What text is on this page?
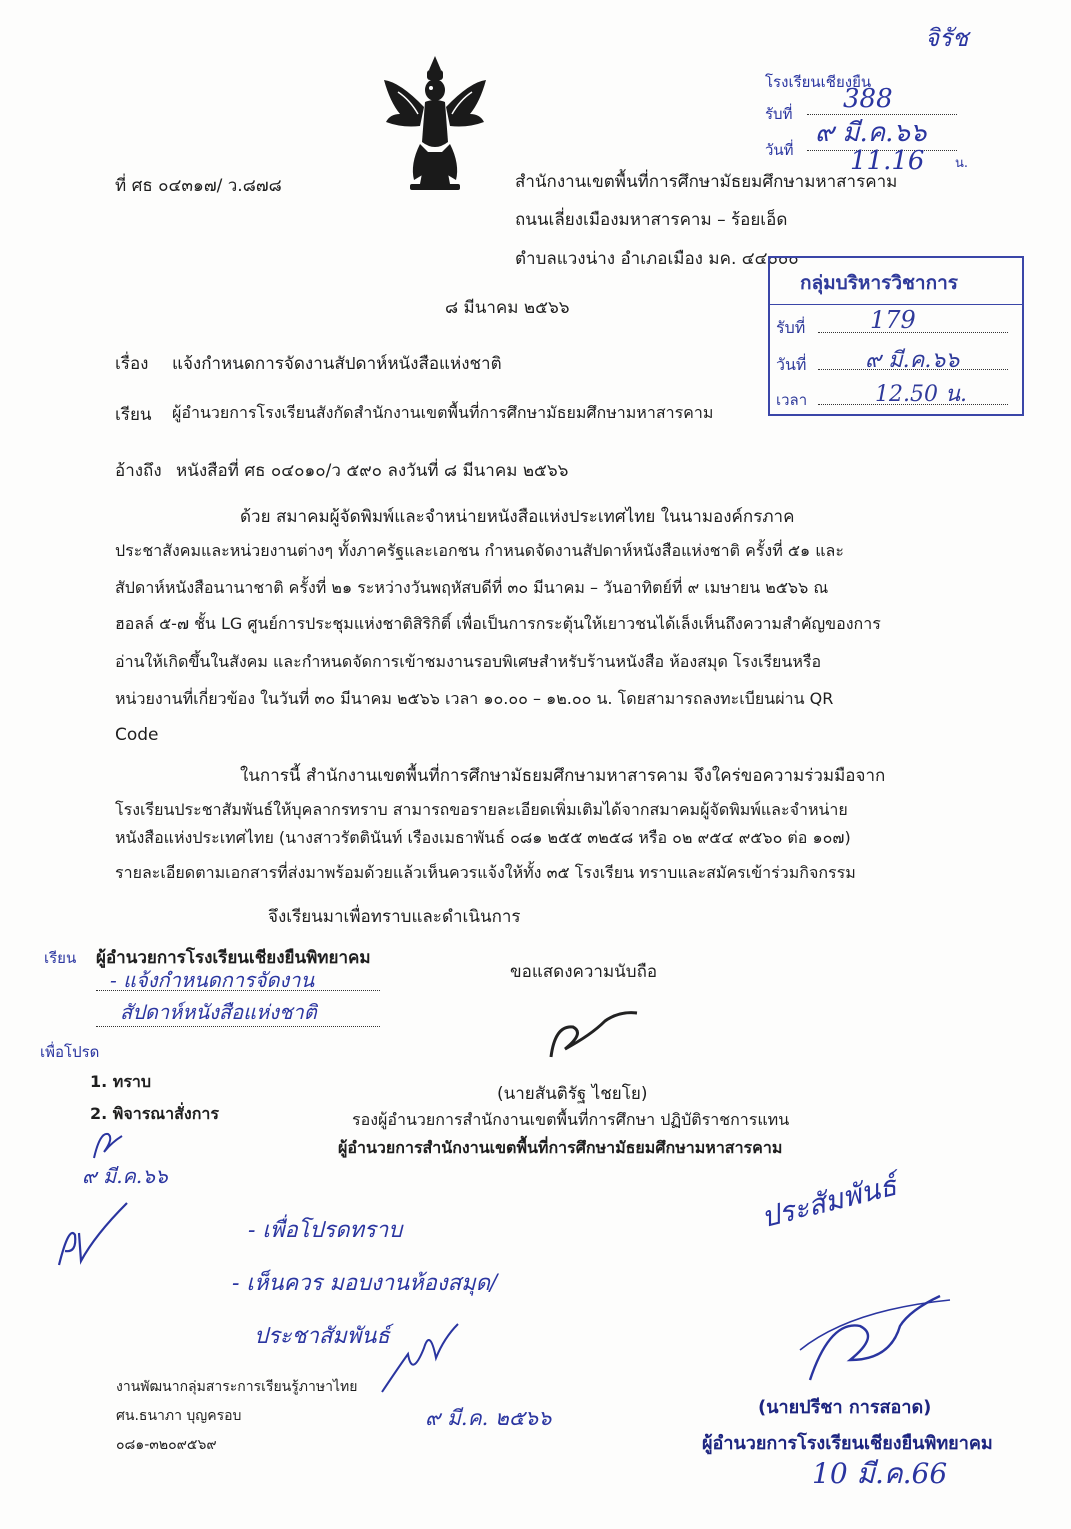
โรงเรียนเชียงยืน
รับที่ 388
วันที่
๙ มี.ค.๖๖
11.16 น.
จิรัช
ที่ ศธ ๐๔๓๑๗/ ว.๘๗๘	สำนักงานเขตพื้นที่การศึกษามัธยมศึกษามหาสารคาม
ถนนเลี่ยงเมืองมหาสารคาม – ร้อยเอ็ด
ตำบลแวงน่าง อำเภอเมือง มค. ๔๔๐๐๐
กลุ่มบริหารวิชาการ
รับที่	179
วันที่	๙ มี.ค.๖๖
เวลา	12.50 น.
๘ มีนาคม ๒๕๖๖
เรื่อง แจ้งกำหนดการจัดงานสัปดาห์หนังสือแห่งชาติ
เรียน ผู้อำนวยการโรงเรียนสังกัดสำนักงานเขตพื้นที่การศึกษามัธยมศึกษามหาสารคาม
อ้างถึง หนังสือที่ ศธ ๐๔๐๑๐/ว ๕๙๐ ลงวันที่ ๘ มีนาคม ๒๕๖๖
ด้วย สมาคมผู้จัดพิมพ์และจำหน่ายหนังสือแห่งประเทศไทย ในนามองค์กรภาค
ประชาสังคมและหน่วยงานต่างๆ ทั้งภาครัฐและเอกชน กำหนดจัดงานสัปดาห์หนังสือแห่งชาติ ครั้งที่ ๕๑ และ
สัปดาห์หนังสือนานาชาติ ครั้งที่ ๒๑ ระหว่างวันพฤหัสบดีที่ ๓๐ มีนาคม – วันอาทิตย์ที่ ๙ เมษายน ๒๕๖๖ ณ
ฮอลล์ ๕-๗ ชั้น LG ศูนย์การประชุมแห่งชาติสิริกิติ์ เพื่อเป็นการกระตุ้นให้เยาวชนได้เล็งเห็นถึงความสำคัญของการ
อ่านให้เกิดขึ้นในสังคม และกำหนดจัดการเข้าชมงานรอบพิเศษสำหรับร้านหนังสือ ห้องสมุด โรงเรียนหรือ
หน่วยงานที่เกี่ยวข้อง ในวันที่ ๓๐ มีนาคม ๒๕๖๖ เวลา ๑๐.๐๐ – ๑๒.๐๐ น. โดยสามารถลงทะเบียนผ่าน QR
Code
ในการนี้ สำนักงานเขตพื้นที่การศึกษามัธยมศึกษามหาสารคาม จึงใคร่ขอความร่วมมือจาก
โรงเรียนประชาสัมพันธ์ให้บุคลากรทราบ สามารถขอรายละเอียดเพิ่มเติมได้จากสมาคมผู้จัดพิมพ์และจำหน่าย
หนังสือแห่งประเทศไทย (นางสาวรัตตินันท์ เรืองเมธาพันธ์ ๐๘๑ ๒๕๕ ๓๒๕๘ หรือ ๐๒ ๙๕๔ ๙๕๖๐ ต่อ ๑๐๗)
รายละเอียดตามเอกสารที่ส่งมาพร้อมด้วยแล้วเห็นควรแจ้งให้ทั้ง ๓๕ โรงเรียน ทราบและสมัครเข้าร่วมกิจกรรม
จึงเรียนมาเพื่อทราบและดำเนินการ
เรียน ผู้อำนวยการโรงเรียนเชียงยืนพิทยาคม
- แจ้งกำหนดการจัดงาน
สัปดาห์หนังสือแห่งชาติ
เพื่อโปรด
1. ทราบ
2. พิจารณาสั่งการ
๙ มี.ค.๖๖
ขอแสดงความนับถือ
(นายสันติรัฐ ไชยโย)
รองผู้อำนวยการสำนักงานเขตพื้นที่การศึกษา ปฏิบัติราชการแทน
ผู้อำนวยการสำนักงานเขตพื้นที่การศึกษามัธยมศึกษามหาสารคาม
- เพื่อโปรดทราบ
- เห็นควร มอบงานห้องสมุด/
ประชาสัมพันธ์
๙ มี.ค. ๒๕๖๖
ประสัมพันธ์
งานพัฒนากลุ่มสาระการเรียนรู้ภาษาไทย
ศน.ธนาภา บุญครอบ
๐๘๑-๓๒๐๙๕๖๙
(นายปรีชา การสอาด)
ผู้อำนวยการโรงเรียนเชียงยืนพิทยาคม
10 มี.ค.66
